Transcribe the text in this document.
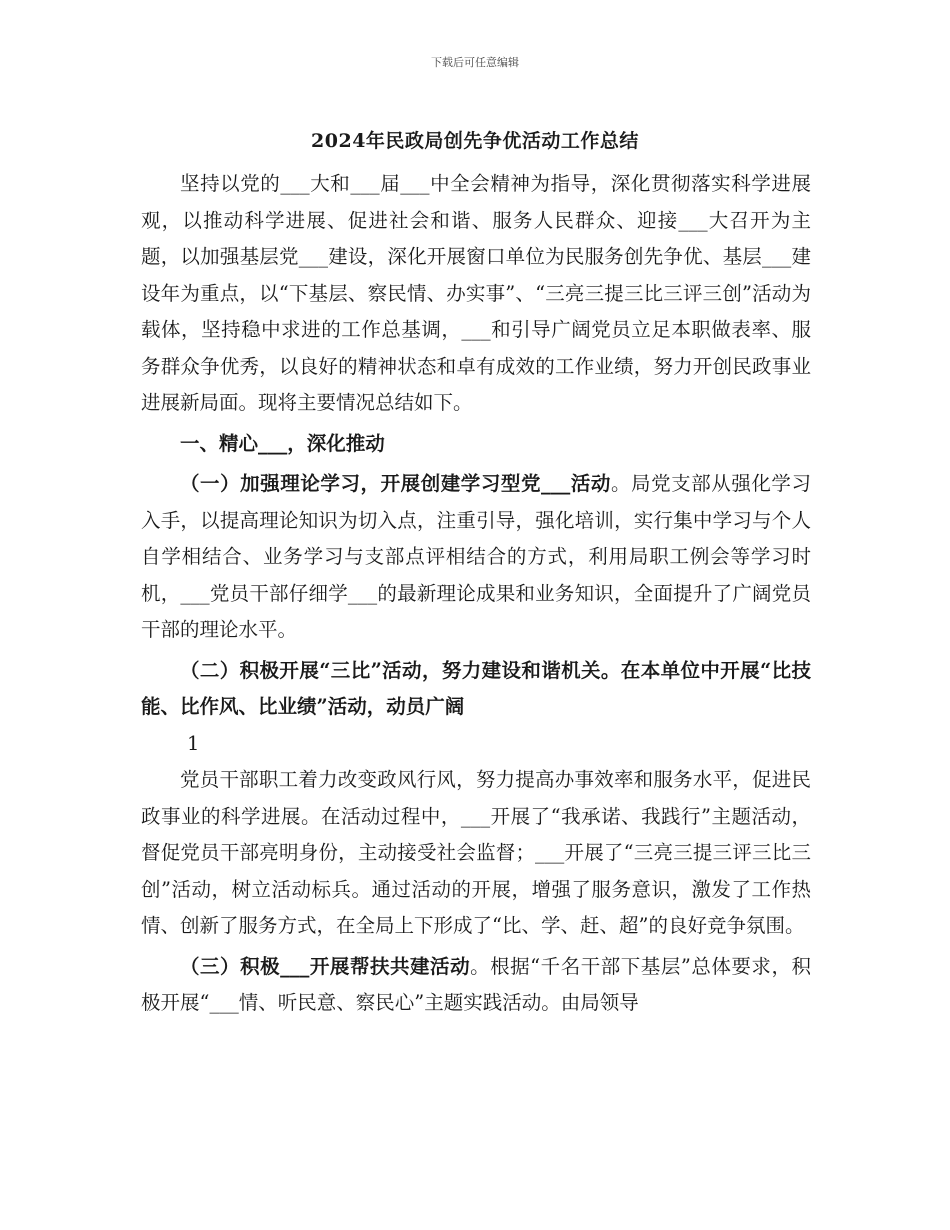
下载后可任意编辑
2024年民政局创先争优活动工作总结

坚持以党的___大和___届___中全会精神为指导，深化贯彻落实科学进展观，以推动科学进展、促进社会和谐、服务人民群众、迎接___大召开为主题，以加强基层党___建设，深化开展窗口单位为民服务创先争优、基层___建设年为重点，以“下基层、察民情、办实事”、“三亮三提三比三评三创”活动为载体，坚持稳中求进的工作总基调，___和引导广阔党员立足本职做表率、服务群众争优秀，以良好的精神状态和卓有成效的工作业绩，努力开创民政事业进展新局面。现将主要情况总结如下。

一、精心___，深化推动

（一）加强理论学习，开展创建学习型党___活动。局党支部从强化学习入手，以提高理论知识为切入点，注重引导，强化培训，实行集中学习与个人自学相结合、业务学习与支部点评相结合的方式，利用局职工例会等学习时机，___党员干部仔细学___的最新理论成果和业务知识，全面提升了广阔党员干部的理论水平。

（二）积极开展“三比”活动，努力建设和谐机关。在本单位中开展“比技能、比作风、比业绩”活动，动员广阔

1

党员干部职工着力改变政风行风，努力提高办事效率和服务水平，促进民政事业的科学进展。在活动过程中，___开展了“我承诺、我践行”主题活动，督促党员干部亮明身份，主动接受社会监督；___开展了“三亮三提三评三比三创”活动，树立活动标兵。通过活动的开展，增强了服务意识，激发了工作热情、创新了服务方式，在全局上下形成了“比、学、赶、超”的良好竞争氛围。

（三）积极___开展帮扶共建活动。根据“千名干部下基层”总体要求，积极开展“___情、听民意、察民心”主题实践活动。由局领导
